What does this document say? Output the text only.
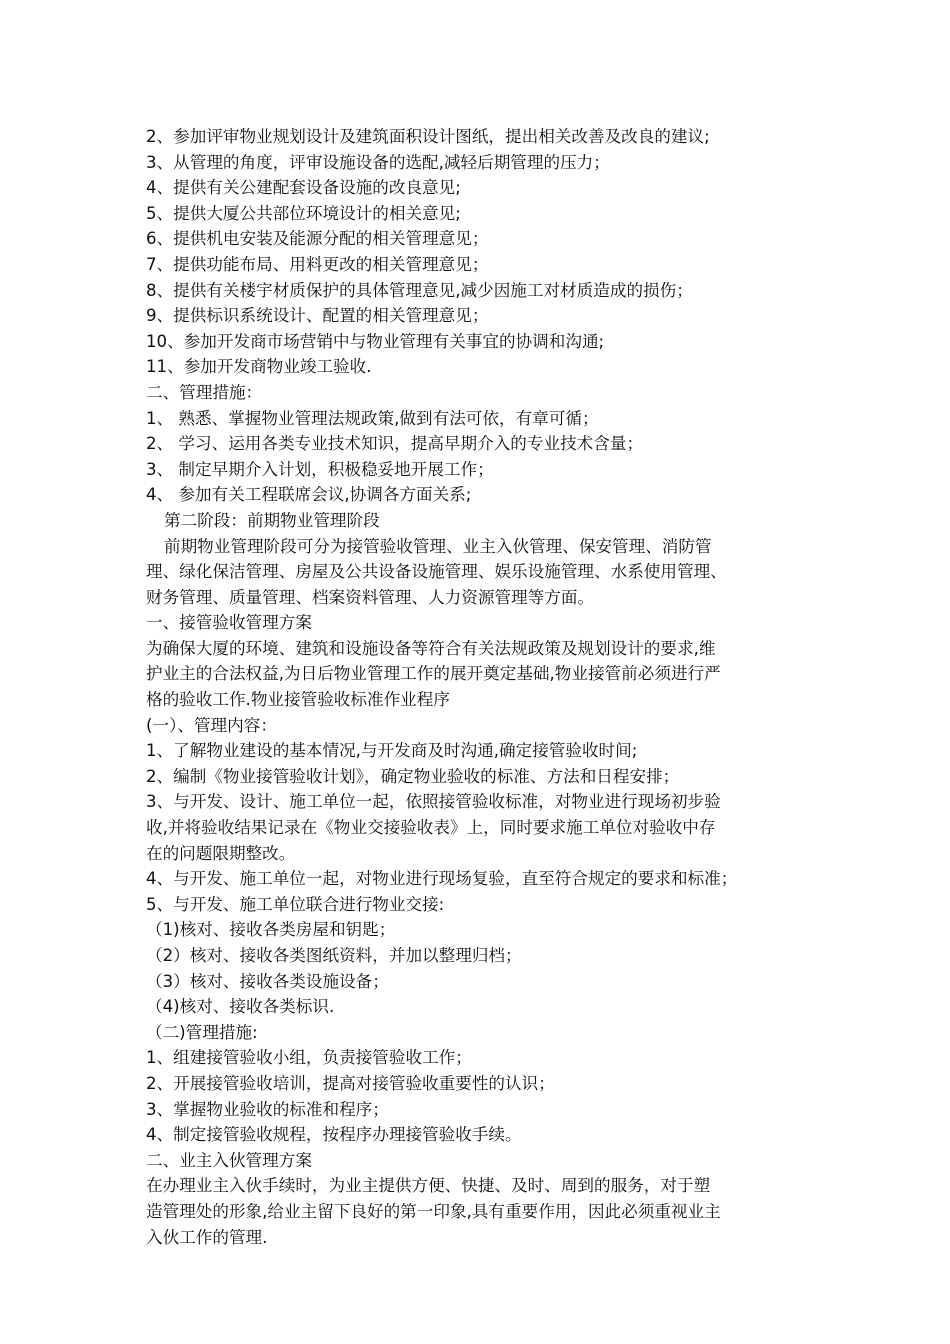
2、参加评审物业规划设计及建筑面积设计图纸，提出相关改善及改良的建议;
3、从管理的角度，评审设施设备的选配,减轻后期管理的压力；
4、提供有关公建配套设备设施的改良意见;
5、提供大厦公共部位环境设计的相关意见;
6、提供机电安装及能源分配的相关管理意见；
7、提供功能布局、用料更改的相关管理意见；
8、提供有关楼宇材质保护的具体管理意见,减少因施工对材质造成的损伤；
9、提供标识系统设计、配置的相关管理意见；
10、参加开发商市场营销中与物业管理有关事宜的协调和沟通;
11、参加开发商物业竣工验收.
二、管理措施：
1、 熟悉、掌握物业管理法规政策,做到有法可依，有章可循；
2、 学习、运用各类专业技术知识，提高早期介入的专业技术含量；
3、 制定早期介入计划，积极稳妥地开展工作；
4、 参加有关工程联席会议,协调各方面关系;
第二阶段：前期物业管理阶段
前期物业管理阶段可分为接管验收管理、业主入伙管理、保安管理、消防管
理、绿化保洁管理、房屋及公共设备设施管理、娱乐设施管理、水系使用管理、
财务管理、质量管理、档案资料管理、人力资源管理等方面。
一、接管验收管理方案
为确保大厦的环境、建筑和设施设备等符合有关法规政策及规划设计的要求,维
护业主的合法权益,为日后物业管理工作的展开奠定基础,物业接管前必须进行严
格的验收工作.物业接管验收标准作业程序
(一）、管理内容：
1、了解物业建设的基本情况,与开发商及时沟通,确定接管验收时间;
2、编制《物业接管验收计划》，确定物业验收的标准、方法和日程安排；
3、与开发、设计、施工单位一起，依照接管验收标准，对物业进行现场初步验
收,并将验收结果记录在《物业交接验收表》上，同时要求施工单位对验收中存
在的问题限期整改。
4、与开发、施工单位一起，对物业进行现场复验，直至符合规定的要求和标准；
5、与开发、施工单位联合进行物业交接:
（1)核对、接收各类房屋和钥匙；
（2）核对、接收各类图纸资料，并加以整理归档；
（3）核对、接收各类设施设备；
（4)核对、接收各类标识.
（二)管理措施:
1、组建接管验收小组，负责接管验收工作；
2、开展接管验收培训，提高对接管验收重要性的认识；
3、掌握物业验收的标准和程序；
4、制定接管验收规程，按程序办理接管验收手续。
二、业主入伙管理方案
在办理业主入伙手续时，为业主提供方便、快捷、及时、周到的服务，对于塑
造管理处的形象,给业主留下良好的第一印象,具有重要作用，因此必须重视业主
入伙工作的管理.
